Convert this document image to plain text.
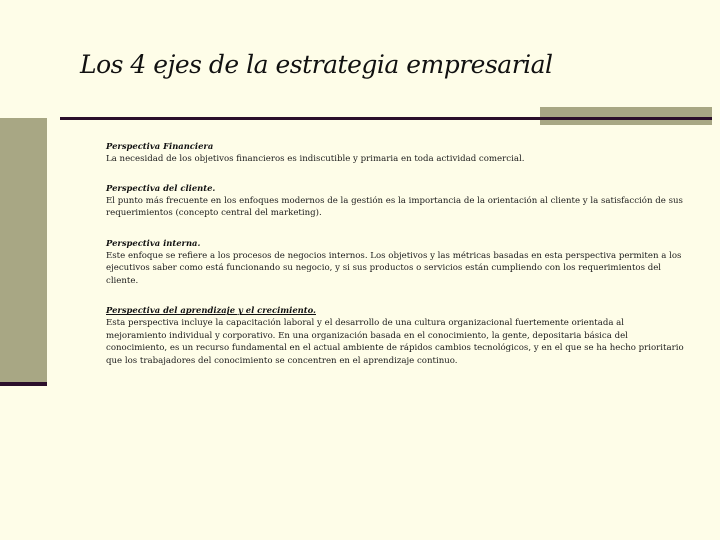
Los 4 ejes de la estrategia empresarial

Perspectiva Financiera

La necesidad de los objetivos financieros es indiscutible y primaria en toda actividad comercial.

Perspectiva del cliente.

El punto más frecuente en los enfoques modernos de la gestión es la importancia de la orientación al cliente y la satisfacción de sus requerimientos (concepto central del marketing).

Perspectiva interna.

Este enfoque se refiere a los procesos de negocios internos. Los objetivos y las métricas basadas en esta perspectiva permiten a los ejecutivos saber como está funcionando su negocio, y si sus productos o servicios están cumpliendo con los requerimientos del cliente.

Perspectiva del aprendizaje y el crecimiento.

Esta perspectiva incluye la capacitación laboral y el desarrollo de una cultura organizacional fuertemente orientada al mejoramiento individual y corporativo. En una organización basada en el conocimiento, la gente, depositaria básica del conocimiento, es un recurso fundamental en el actual ambiente de rápidos cambios tecnológicos, y en el que se ha hecho prioritario que los trabajadores del conocimiento se concentren en el aprendizaje continuo.
